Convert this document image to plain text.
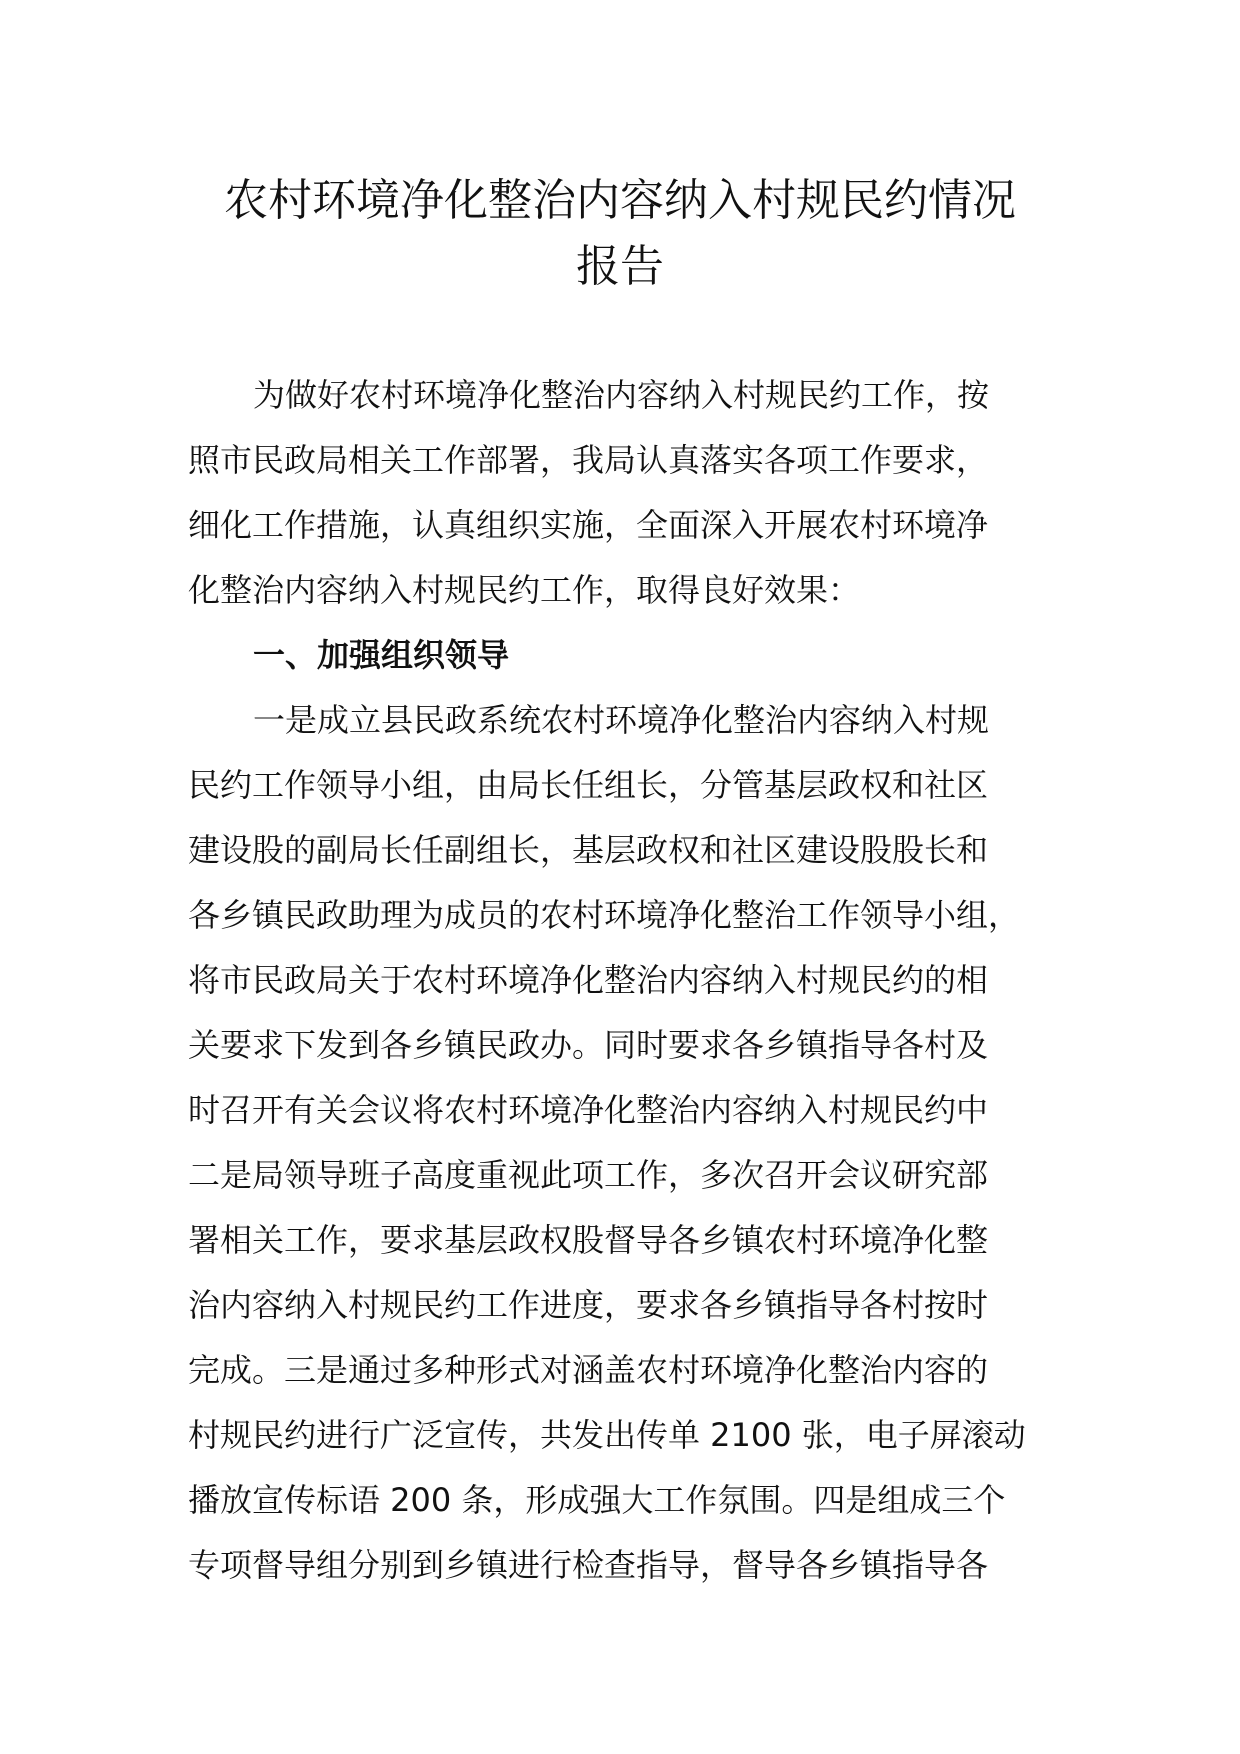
农村环境净化整治内容纳入村规民约情况
报告
为做好农村环境净化整治内容纳入村规民约工作，按
照市民政局相关工作部署，我局认真落实各项工作要求，
细化工作措施，认真组织实施，全面深入开展农村环境净
化整治内容纳入村规民约工作，取得良好效果：
一、加强组织领导
一是成立县民政系统农村环境净化整治内容纳入村规
民约工作领导小组，由局长任组长，分管基层政权和社区
建设股的副局长任副组长，基层政权和社区建设股股长和
各乡镇民政助理为成员的农村环境净化整治工作领导小组，
将市民政局关于农村环境净化整治内容纳入村规民约的相
关要求下发到各乡镇民政办。同时要求各乡镇指导各村及
时召开有关会议将农村环境净化整治内容纳入村规民约中
二是局领导班子高度重视此项工作，多次召开会议研究部
署相关工作，要求基层政权股督导各乡镇农村环境净化整
治内容纳入村规民约工作进度，要求各乡镇指导各村按时
完成。三是通过多种形式对涵盖农村环境净化整治内容的
村规民约进行广泛宣传，共发出传单 2100 张，电子屏滚动
播放宣传标语 200 条，形成强大工作氛围。四是组成三个
专项督导组分别到乡镇进行检查指导，督导各乡镇指导各
